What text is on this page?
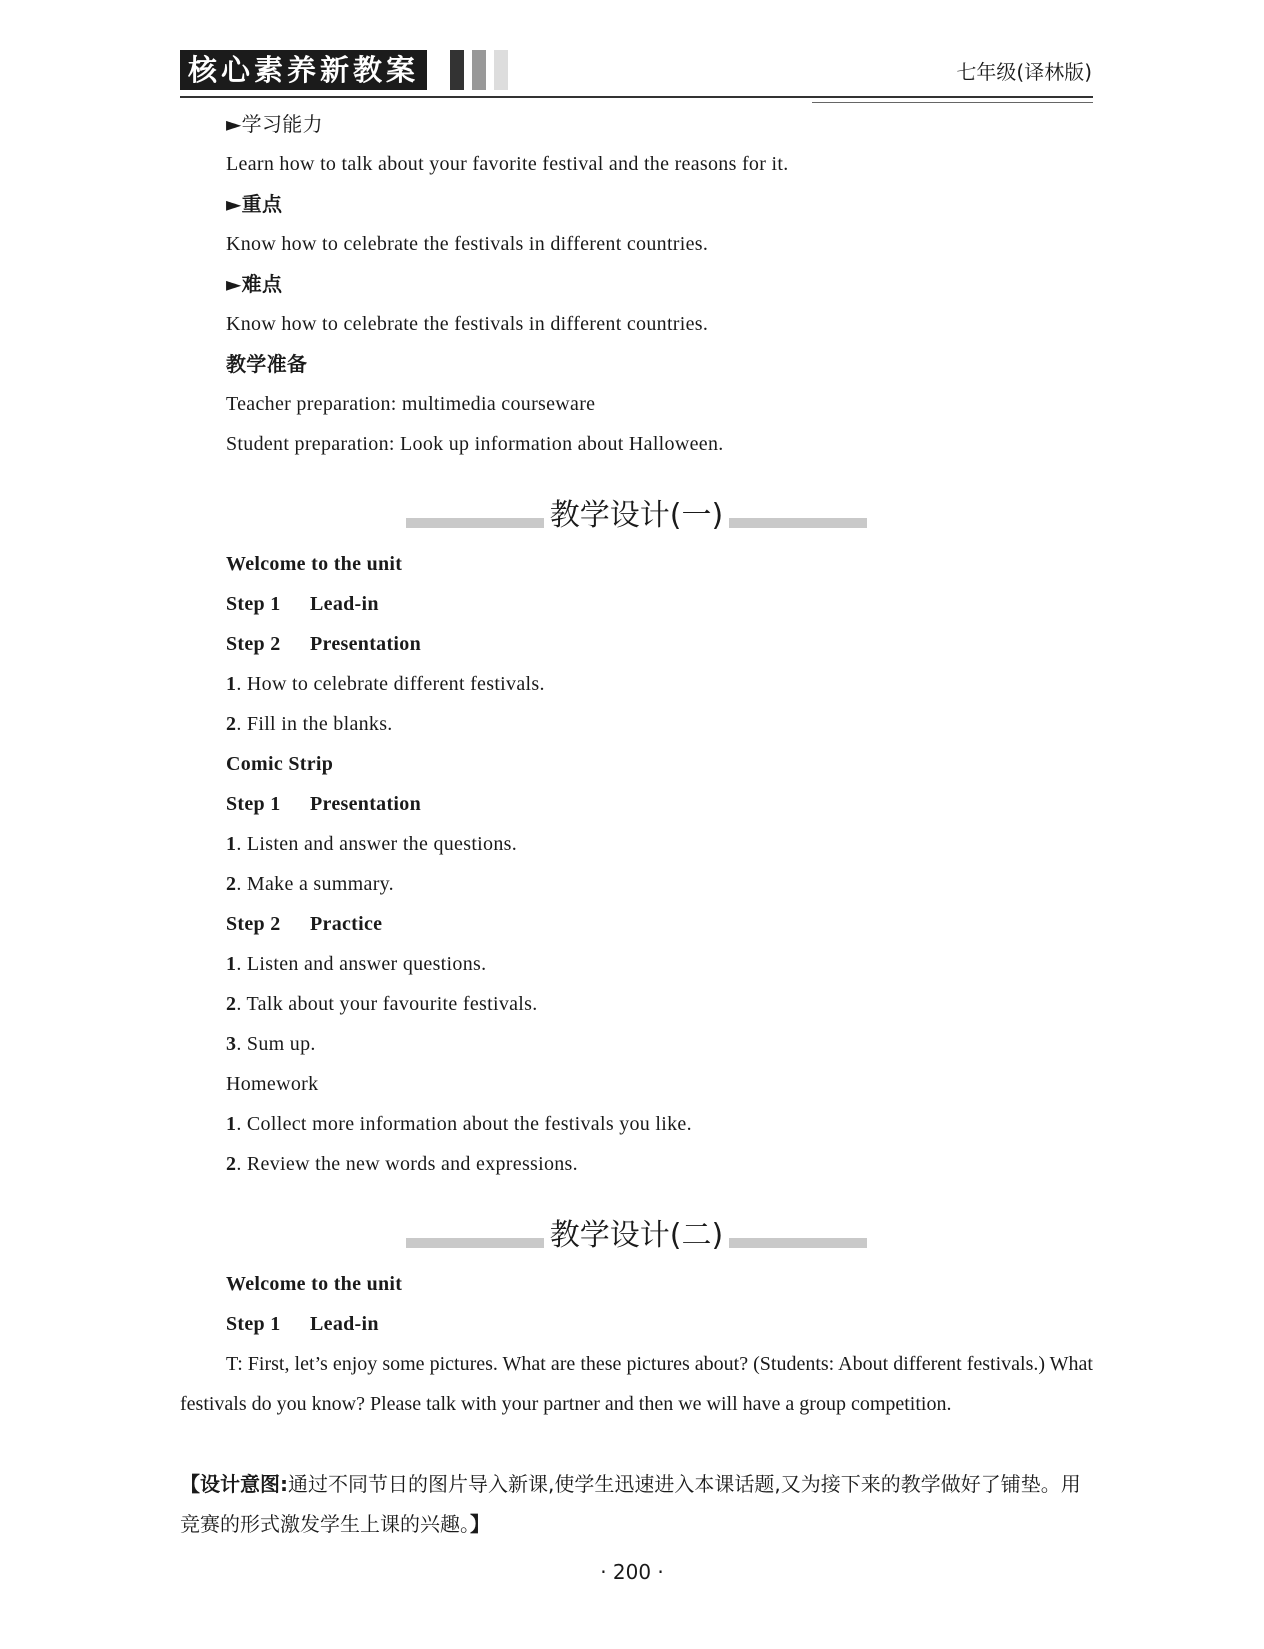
核心素养新教案	七年级(译林版)
►学习能力
Learn how to talk about your favorite festival and the reasons for it.
►重点
Know how to celebrate the festivals in different countries.
►难点
Know how to celebrate the festivals in different countries.
教学准备
Teacher preparation: multimedia courseware
Student preparation: Look up information about Halloween.
教学设计(一)
Welcome to the unit
Step 1 Lead-in
Step 2 Presentation
1. How to celebrate different festivals.
2. Fill in the blanks.
Comic Strip
Step 1 Presentation
1. Listen and answer the questions.
2. Make a summary.
Step 2 Practice
1. Listen and answer questions.
2. Talk about your favourite festivals.
3. Sum up.
Homework
1. Collect more information about the festivals you like.
2. Review the new words and expressions.
教学设计(二)
Welcome to the unit
Step 1 Lead-in
T: First, let’s enjoy some pictures. What are these pictures about? (Students: About different festivals.) What festivals do you know? Please talk with your partner and then we will have a group competition.
【设计意图:通过不同节日的图片导入新课,使学生迅速进入本课话题,又为接下来的教学做好了铺垫。用竞赛的形式激发学生上课的兴趣。】
· 200 ·
